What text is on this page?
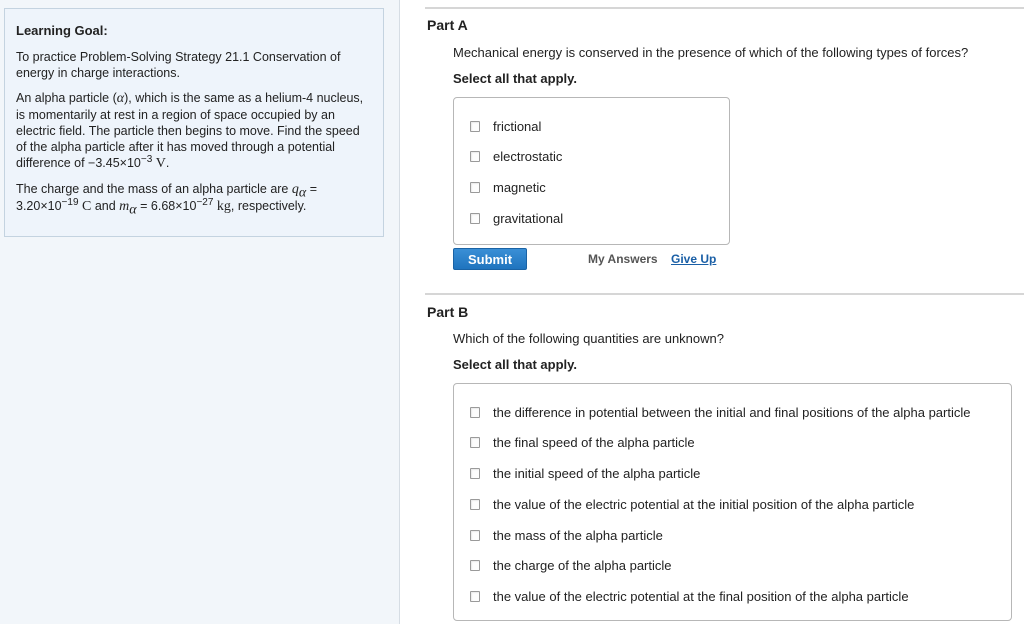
Learning Goal:

To practice Problem-Solving Strategy 21.1 Conservation of energy in charge interactions.

An alpha particle (α), which is the same as a helium-4 nucleus, is momentarily at rest in a region of space occupied by an electric field. The particle then begins to move. Find the speed of the alpha particle after it has moved through a potential difference of $-3.45\times 10^{-3}$ V.

The charge and the mass of an alpha particle are $q_\alpha = 3.20\times 10^{-19}$ C and $m_\alpha = 6.68\times 10^{-27}$ kg, respectively.

Part A
Mechanical energy is conserved in the presence of which of the following types of forces?
Select all that apply.
frictional
electrostatic
magnetic
gravitational
Submit	My Answers Give Up
Part B
Which of the following quantities are unknown?
Select all that apply.
the difference in potential between the initial and final positions of the alpha particle
the final speed of the alpha particle
the initial speed of the alpha particle
the value of the electric potential at the initial position of the alpha particle
the mass of the alpha particle
the charge of the alpha particle
the value of the electric potential at the final position of the alpha particle
